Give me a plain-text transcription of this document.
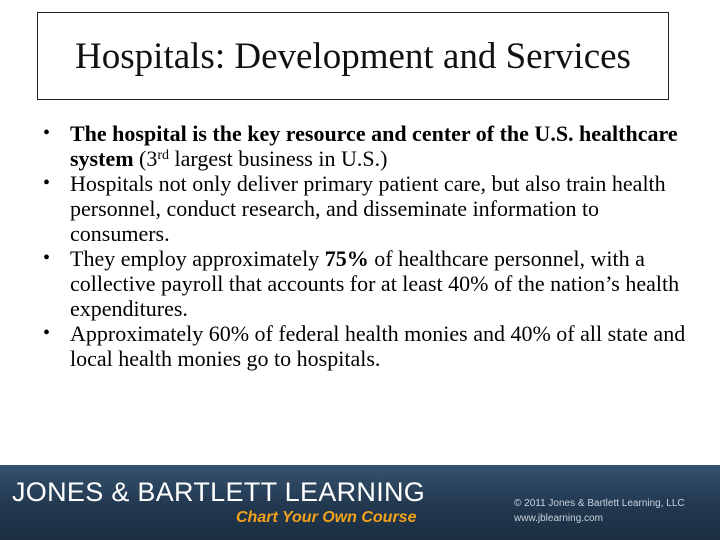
Hospitals: Development and Services
• The hospital is the key resource and center of the U.S. healthcare system (3rd largest business in U.S.)
• Hospitals not only deliver primary patient care, but also train health personnel, conduct research, and disseminate information to consumers.
• They employ approximately 75% of healthcare personnel, with a collective payroll that accounts for at least 40% of the nation’s health expenditures.
• Approximately 60% of federal health monies and 40% of all state and local health monies go to hospitals.
JONES & BARTLETT LEARNING
Chart Your Own Course
© 2011 Jones & Bartlett Learning, LLC
www.jblearning.com
